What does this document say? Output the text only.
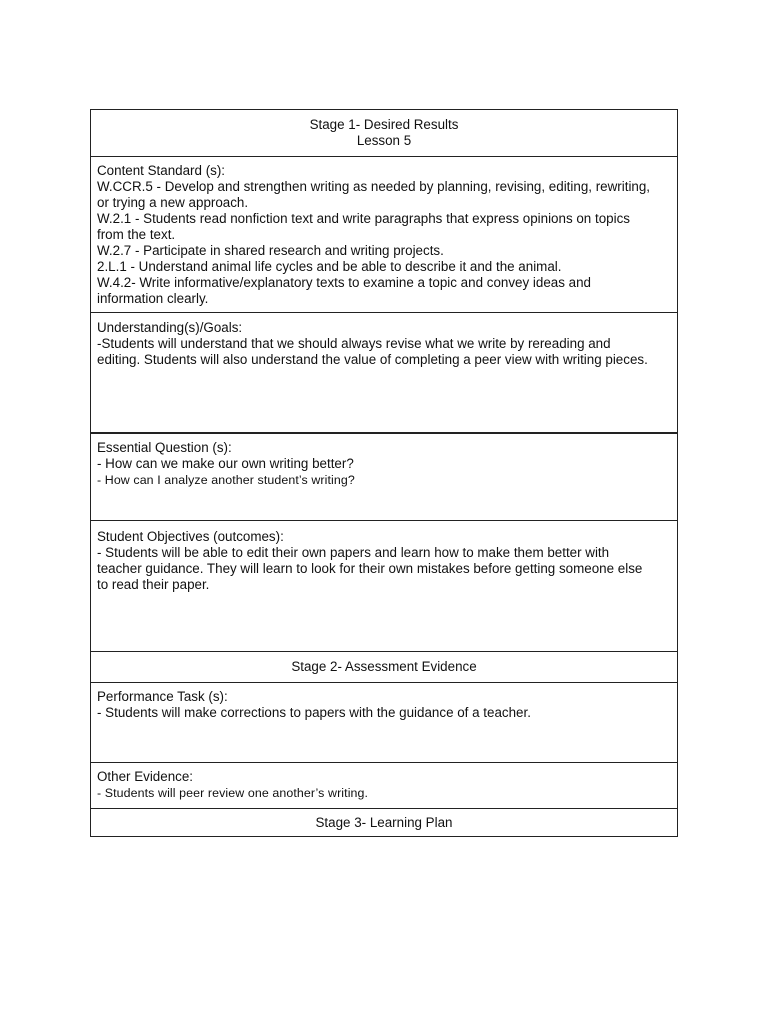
Stage 1- Desired Results
Lesson 5
Content Standard (s):
W.CCR.5 - Develop and strengthen writing as needed by planning, revising, editing, rewriting,
or trying a new approach.
W.2.1 - Students read nonfiction text and write paragraphs that express opinions on topics
from the text.
W.2.7 - Participate in shared research and writing projects.
2.L.1 - Understand animal life cycles and be able to describe it and the animal.
W.4.2- Write informative/explanatory texts to examine a topic and convey ideas and
information clearly.
Understanding(s)/Goals:
-Students will understand that we should always revise what we write by rereading and
editing. Students will also understand the value of completing a peer view with writing pieces.
Essential Question (s):
- How can we make our own writing better?
- How can I analyze another student’s writing?
Student Objectives (outcomes):
- Students will be able to edit their own papers and learn how to make them better with
teacher guidance. They will learn to look for their own mistakes before getting someone else
to read their paper.
Stage 2- Assessment Evidence
Performance Task (s):
- Students will make corrections to papers with the guidance of a teacher.
Other Evidence:
- Students will peer review one another’s writing.
Stage 3- Learning Plan
